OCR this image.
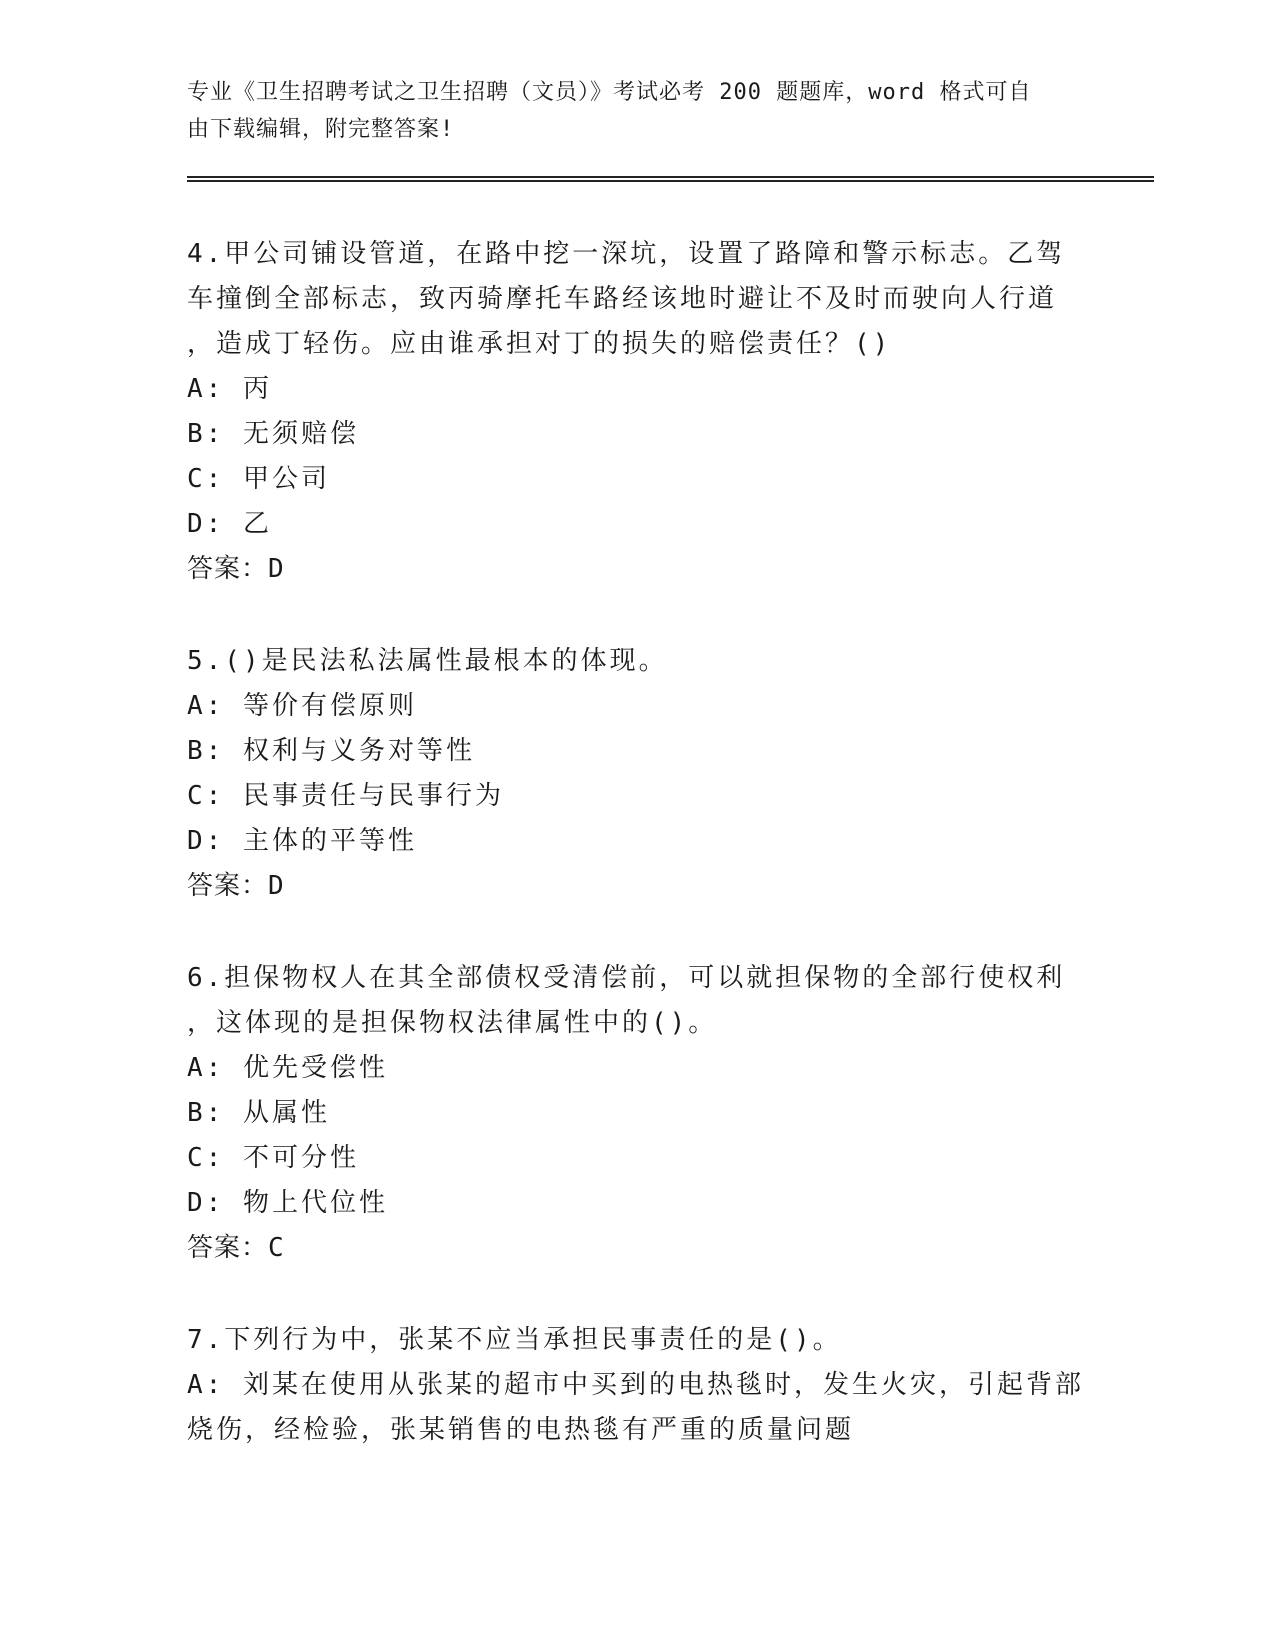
专业《卫生招聘考试之卫生招聘（文员）》考试必考 200 题题库，word 格式可自
由下载编辑，附完整答案!

4.甲公司铺设管道，在路中挖一深坑，设置了路障和警示标志。乙驾
车撞倒全部标志，致丙骑摩托车路经该地时避让不及时而驶向人行道
，造成丁轻伤。应由谁承担对丁的损失的赔偿责任？()

A: 丙
B: 无须赔偿
C: 甲公司
D: 乙

答案：D

5.()是民法私法属性最根本的体现。

A: 等价有偿原则
B: 权利与义务对等性
C: 民事责任与民事行为
D: 主体的平等性

答案：D

6.担保物权人在其全部债权受清偿前，可以就担保物的全部行使权利
，这体现的是担保物权法律属性中的()。

A: 优先受偿性
B: 从属性
C: 不可分性
D: 物上代位性

答案：C

7.下列行为中，张某不应当承担民事责任的是()。

A: 刘某在使用从张某的超市中买到的电热毯时，发生火灾，引起背部
烧伤，经检验，张某销售的电热毯有严重的质量问题
